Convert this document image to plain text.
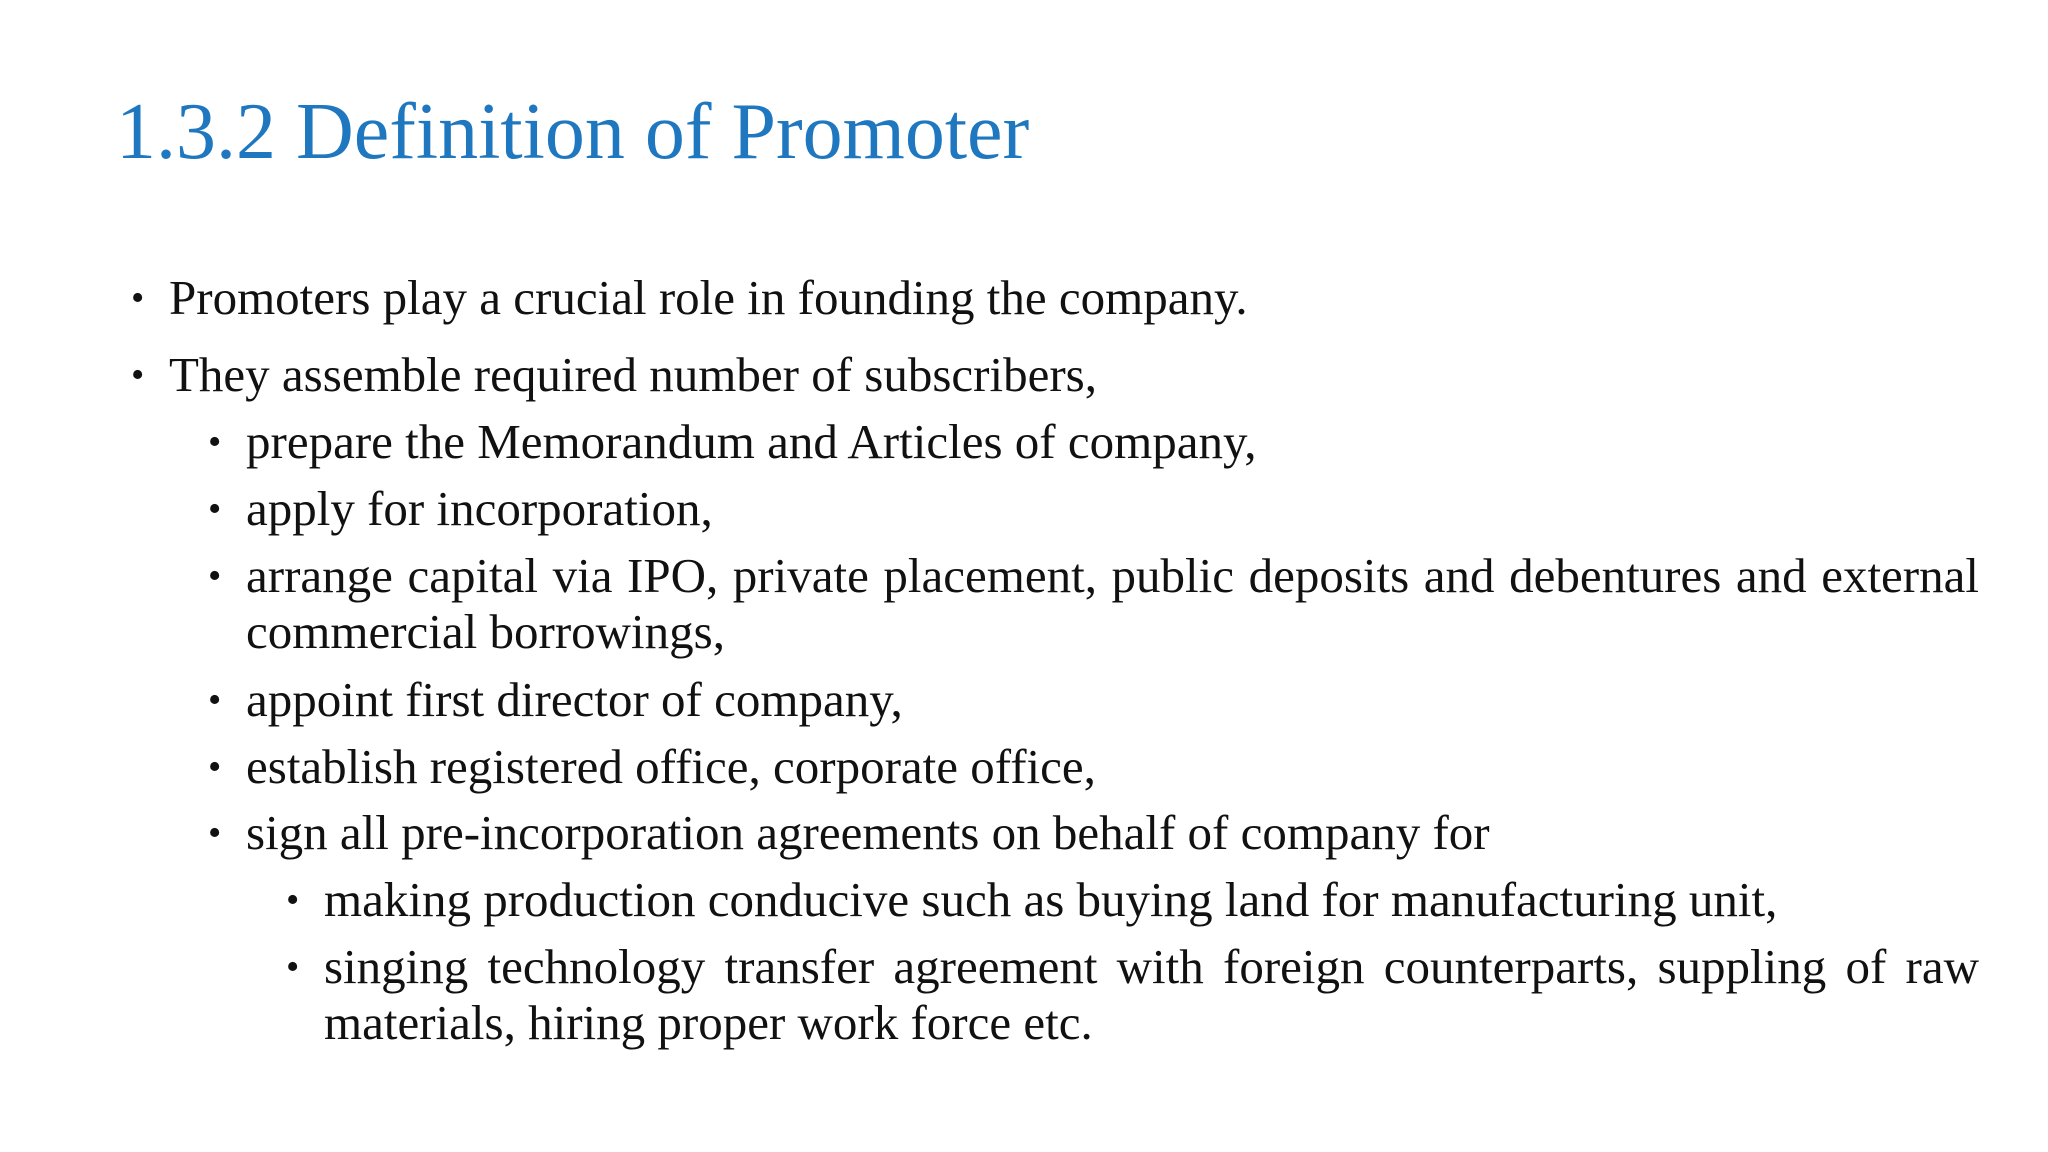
1.3.2 Definition of Promoter
• Promoters play a crucial role in founding the company.
• They assemble required number of subscribers,
• prepare the Memorandum and Articles of company,
• apply for incorporation,
• arrange capital via IPO, private placement, public deposits and debentures and external commercial borrowings,
• appoint first director of company,
• establish registered office, corporate office,
• sign all pre-incorporation agreements on behalf of company for
• making production conducive such as buying land for manufacturing unit,
• singing technology transfer agreement with foreign counterparts, suppling of raw materials, hiring proper work force etc.
